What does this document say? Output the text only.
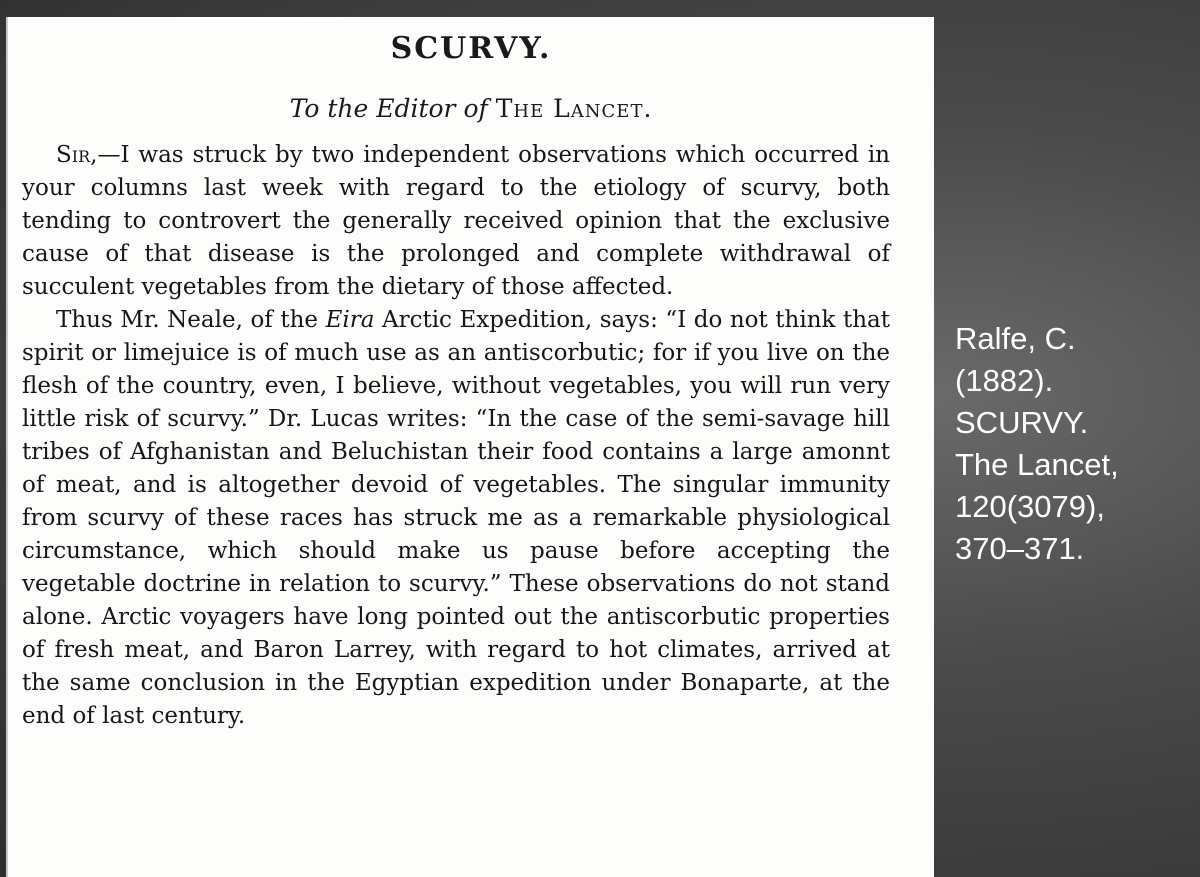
SCURVY.

To the Editor of The Lancet.

Sir,—I was struck by two independent observations which occurred in your columns last week with regard to the etiology of scurvy, both tending to controvert the generally received opinion that the exclusive cause of that disease is the prolonged and complete withdrawal of succulent vegetables from the dietary of those affected.

Thus Mr. Neale, of the Eira Arctic Expedition, says: “I do not think that spirit or limejuice is of much use as an antiscorbutic; for if you live on the flesh of the country, even, I believe, without vegetables, you will run very little risk of scurvy.” Dr. Lucas writes: “In the case of the semi-savage hill tribes of Afghanistan and Beluchistan their food contains a large amonnt of meat, and is altogether devoid of vegetables. The singular immunity from scurvy of these races has struck me as a remarkable physiological circumstance, which should make us pause before accepting the vegetable doctrine in relation to scurvy.” These observations do not stand alone. Arctic voyagers have long pointed out the antiscorbutic properties of fresh meat, and Baron Larrey, with regard to hot climates, arrived at the same conclusion in the Egyptian expedition under Bonaparte, at the end of last century.

Ralfe, C.
(1882).
SCURVY.
The Lancet,
120(3079),
370–371.
